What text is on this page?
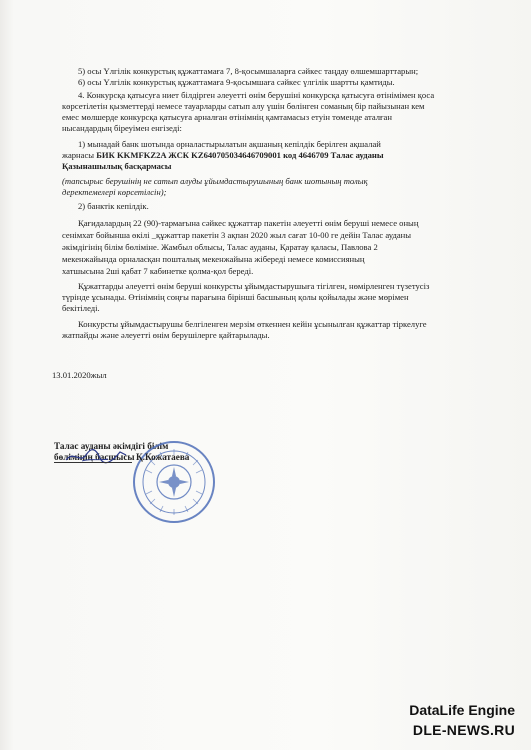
5) осы Үлгілік конкурстық құжаттамаға 7, 8-қосымшаларға сәйкес таңдау өлшемшарттарын;
6) осы Үлгілік конкурстық құжаттамаға 9-қосымшаға сәйкес үлгілік шартты қамтиды.
4. Конкурсқа қатысуға ниет білдірген әлеуетті өнім берушіні конкурсқа қатысуға өтінімімен қоса
көрсетілетін қызметтерді немесе тауарларды сатып алу үшін бөлінген соманың бір пайызынан кем
емес мөлшерде конкурсқа қатысуға арналған өтінімнің қамтамасыз етуін төменде аталған
нысандардың біреуімен енгізеді:
1) мынадай банк шотында орналастырылатын ақшаның кепілдік берілген ақшалай
жарнасы БИК KKMFKZ2A ЖСК KZ640705034646709001 код 4646709 Талас ауданы
Қазынашылық басқармасы
(тапсырыс берушінің не сатып алуды ұйымдастырушының банк шотының толық
деректемелері көрсетілсін);
2) банктік кепілдік.
Қағидалардың 22 (90)-тармағына сәйкес құжаттар пакетін әлеуетті өнім беруші немесе оның
сенімхат бойынша өкілі _құжаттар пакетін 3 ақпан 2020 жыл сағат 10-00 ге дейін Талас ауданы
әкімдігінің білім бөлімінe. Жамбыл облысы, Талас ауданы, Қаратау қаласы, Павлова 2
мекенжайында орналасқан пошталық мекенжайына жібереді немесе комиссияның
хатшысына 2ші қабат 7 кабинетке қолма-қол береді.
Құжаттарды әлеуетті өнім беруші конкурсты ұйымдастырушыға тігілген, нөмірленген түзетусіз
түрінде ұсынады. Өтінімнің соңғы парағына бірінші басшының қолы қойылады және мөрімен
бекітіледі.
Конкурсты ұйымдастырушы белгіленген мерзім өткеннен кейін ұсынылған құжаттар тіркелуге
жатпайды және әлеуетті өнім берушілерге қайтарылады.
13.01.2020жыл
Талас ауданы әкімдігі білім
бөлімінің басшысы Қ.Кожатаева
DataLife Engine
DLE-NEWS.RU
